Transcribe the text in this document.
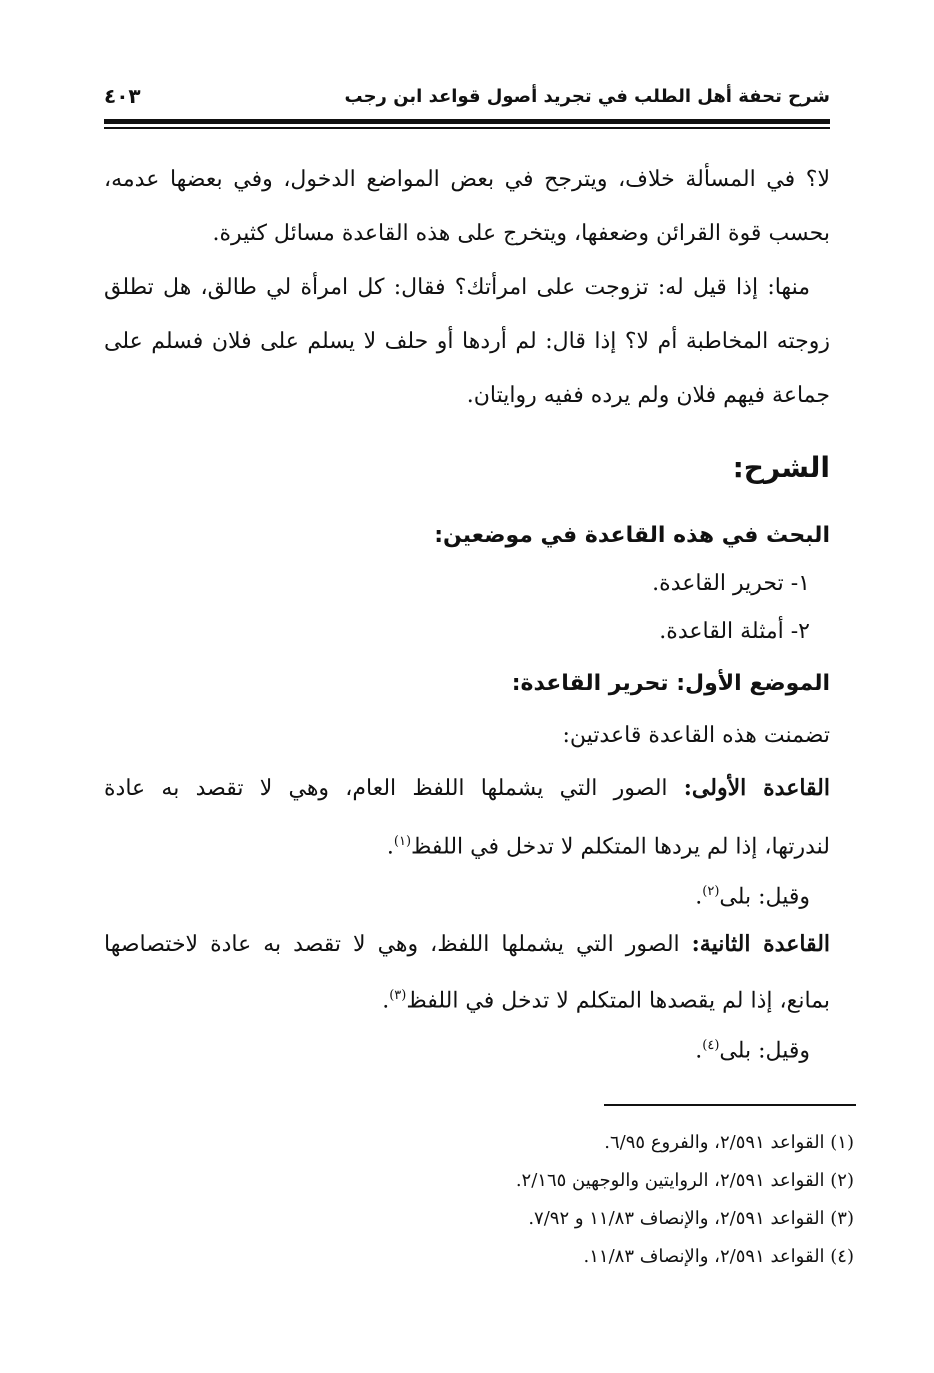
شرح تحفة أهل الطلب في تجريد أصول قواعد ابن رجب
٤٠٣
لا؟ في المسألة خلاف، ويترجح في بعض المواضع الدخول، وفي بعضها عدمه،
بحسب قوة القرائن وضعفها، ويتخرج على هذه القاعدة مسائل كثيرة.
منها: إذا قيل له: تزوجت على امرأتك؟ فقال: كل امرأة لي طالق، هل تطلق
زوجته المخاطبة أم لا؟ إذا قال: لم أردها أو حلف لا يسلم على فلان فسلم على
جماعة فيهم فلان ولم يرده ففيه روايتان.
الشرح:
البحث في هذه القاعدة في موضعين:
١- تحرير القاعدة.
٢- أمثلة القاعدة.
الموضع الأول: تحرير القاعدة:
تضمنت هذه القاعدة قاعدتين:
القاعدة الأولى: الصور التي يشملها اللفظ العام، وهي لا تقصد به عادة
لندرتها، إذا لم يردها المتكلم لا تدخل في اللفظ$^{(١)}$.
وقيل: بلى$^{(٢)}$.
القاعدة الثانية: الصور التي يشملها اللفظ، وهي لا تقصد به عادة لاختصاصها
بمانع، إذا لم يقصدها المتكلم لا تدخل في اللفظ$^{(٣)}$.
وقيل: بلى$^{(٤)}$.
(١) القواعد ٢/٥٩١، والفروع ٦/٩٥.
(٢) القواعد ٢/٥٩١، الروايتين والوجهين ٢/١٦٥.
(٣) القواعد ٢/٥٩١، والإنصاف ١١/٨٣ و ٧/٩٢.
(٤) القواعد ٢/٥٩١، والإنصاف ١١/٨٣.
